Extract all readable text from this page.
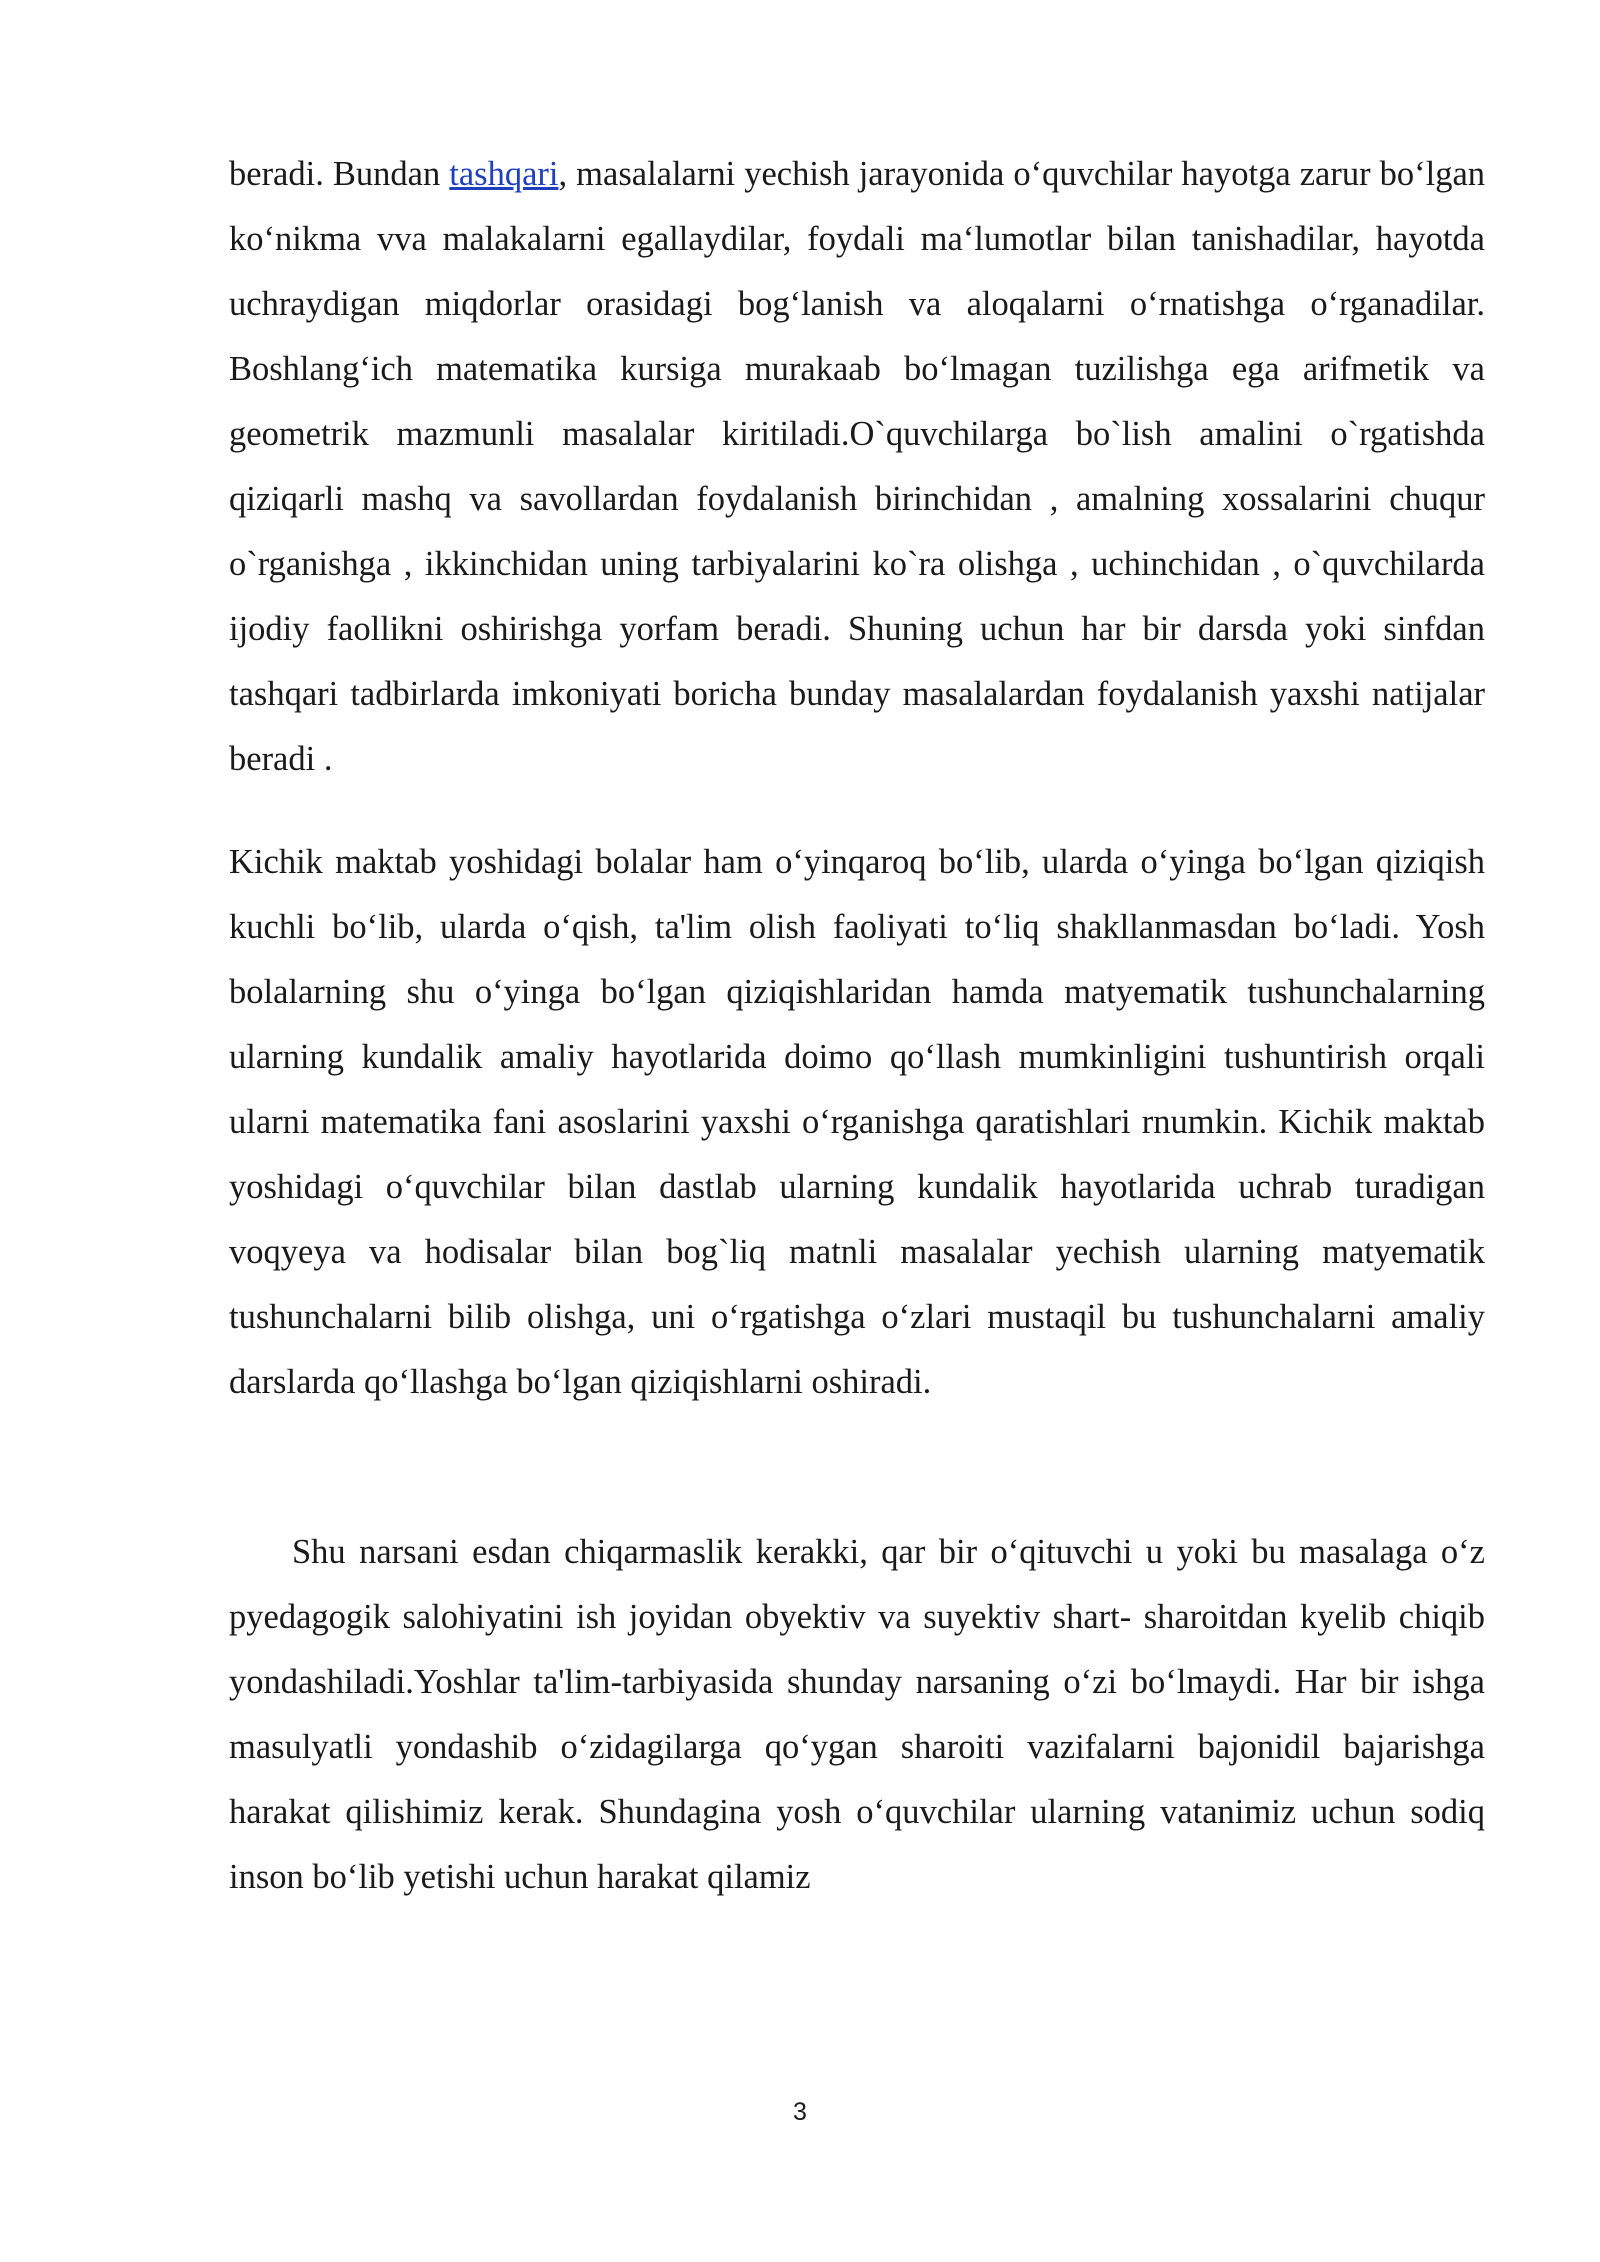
beradi. Bundan tashqari, masalalarni yechish jarayonida o‘quvchilar hayotga zarur bo‘lgan ko‘nikma vva malakalarni egallaydilar, foydali ma‘lumotlar bilan tanishadilar, hayotda uchraydigan miqdorlar orasidagi bog‘lanish va aloqalarni o‘rnatishga o‘rganadilar. Boshlang‘ich matematika kursiga murakaab bo‘lmagan tuzilishga ega arifmetik va geometrik mazmunli masalalar kiritiladi.O`quvchilarga bo`lish amalini o`rgatishda qiziqarli mashq va savollardan foydalanish birinchidan , amalning xossalarini chuqur o`rganishga , ikkinchidan uning tarbiyalarini ko`ra olishga , uchinchidan , o`quvchilarda ijodiy faollikni oshirishga yorfam beradi. Shuning uchun har bir darsda yoki sinfdan tashqari tadbirlarda imkoniyati boricha bunday masalalardan foydalanish yaxshi natijalar beradi .

Kichik maktab yoshidagi bolalar ham o‘yinqaroq bo‘lib, ularda o‘yinga bo‘lgan qiziqish kuchli bo‘lib, ularda o‘qish, ta'lim olish faoliyati to‘liq shakllanmasdan bo‘ladi. Yosh bolalarning shu o‘yinga bo‘lgan qiziqishlaridan hamda matyematik tushunchalarning ularning kundalik amaliy hayotlarida doimo qo‘llash mumkinligini tushuntirish orqali ularni matematika fani asoslarini yaxshi o‘rganishga qaratishlari rnumkin. Kichik maktab yoshidagi o‘quvchilar bilan dastlab ularning kundalik hayotlarida uchrab turadigan voqyeya va hodisalar bilan bog`liq matnli masalalar yechish ularning matyematik tushunchalarni bilib olishga, uni o‘rgatishga o‘zlari mustaqil bu tushunchalarni amaliy darslarda qo‘llashga bo‘lgan qiziqishlarni oshiradi.

Shu narsani esdan chiqarmaslik kerakki, qar bir o‘qituvchi u yoki bu masalaga o‘z pyedagogik salohiyatini ish joyidan obyektiv va suyektiv shart- sharoitdan kyelib chiqib yondashiladi.Yoshlar ta'lim-tarbiyasida shunday narsaning o‘zi bo‘lmaydi. Har bir ishga masulyatli yondashib o‘zidagilarga qo‘ygan sharoiti vazifalarni bajonidil bajarishga harakat qilishimiz kerak. Shundagina yosh o‘quvchilar ularning vatanimiz uchun sodiq inson bo‘lib yetishi uchun harakat qilamiz

3
